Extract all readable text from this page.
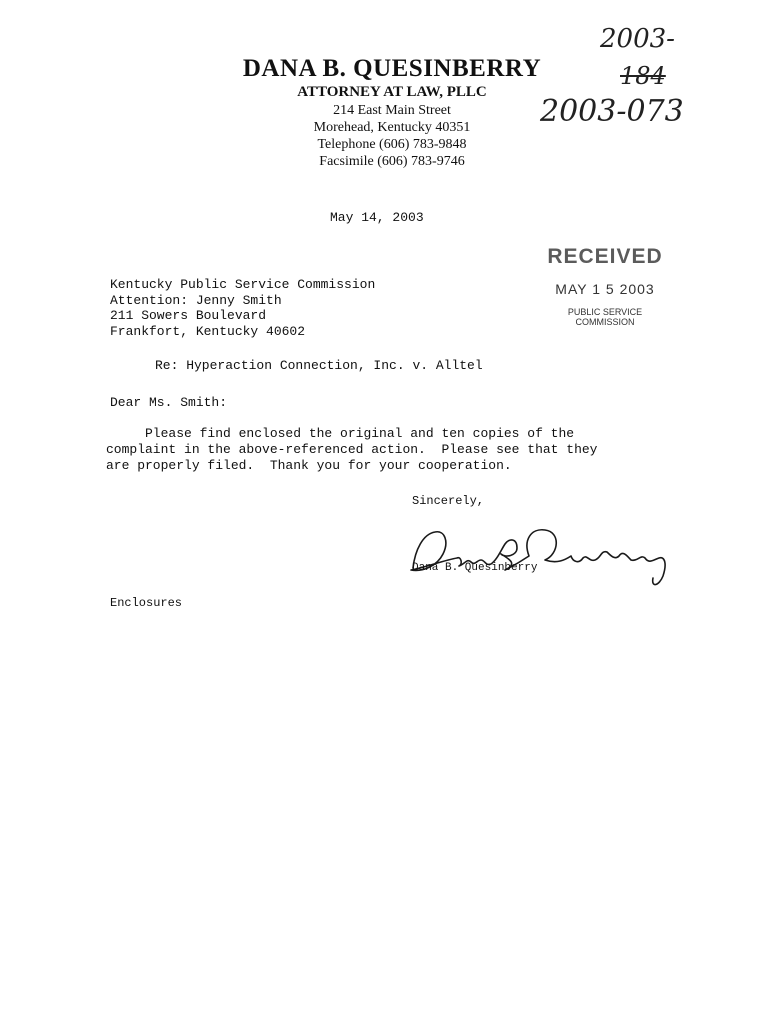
DANA B. QUESINBERRY
ATTORNEY AT LAW, PLLC
214 East Main Street
Morehead, Kentucky 40351
Telephone (606) 783-9848
Facsimile (606) 783-9746
2003-
184
2003-073
May 14, 2003
RECEIVED
MAY 1 5 2003
PUBLIC SERVICE
COMMISSION
Kentucky Public Service Commission
Attention: Jenny Smith
211 Sowers Boulevard
Frankfort, Kentucky 40602
Re: Hyperaction Connection, Inc. v. Alltel
Dear Ms. Smith:
Please find enclosed the original and ten copies of the
complaint in the above-referenced action.  Please see that they
are properly filed.  Thank you for your cooperation.
Sincerely,
Dana B. Quesinberry
Enclosures
